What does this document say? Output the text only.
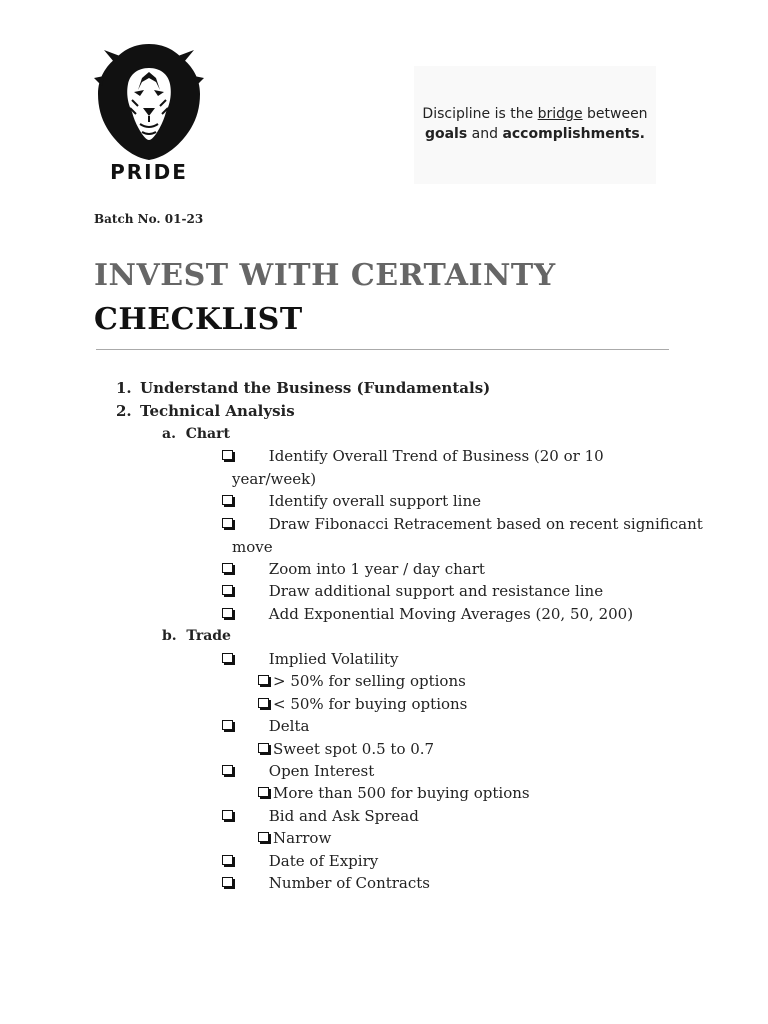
PRIDE
Discipline is the bridge between
goals and accomplishments.
Batch No. 01-23
INVEST WITH CERTAINTY
CHECKLIST
1. Understand the Business (Fundamentals)
2. Technical Analysis
a. Chart
Identify Overall Trend of Business (20 or 10
year/week)
Identify overall support line
Draw Fibonacci Retracement based on recent significant
move
Zoom into 1 year / day chart
Draw additional support and resistance line
Add Exponential Moving Averages (20, 50, 200)
b. Trade
Implied Volatility
> 50% for selling options
< 50% for buying options
Delta
Sweet spot 0.5 to 0.7
Open Interest
More than 500 for buying options
Bid and Ask Spread
Narrow
Date of Expiry
Number of Contracts
